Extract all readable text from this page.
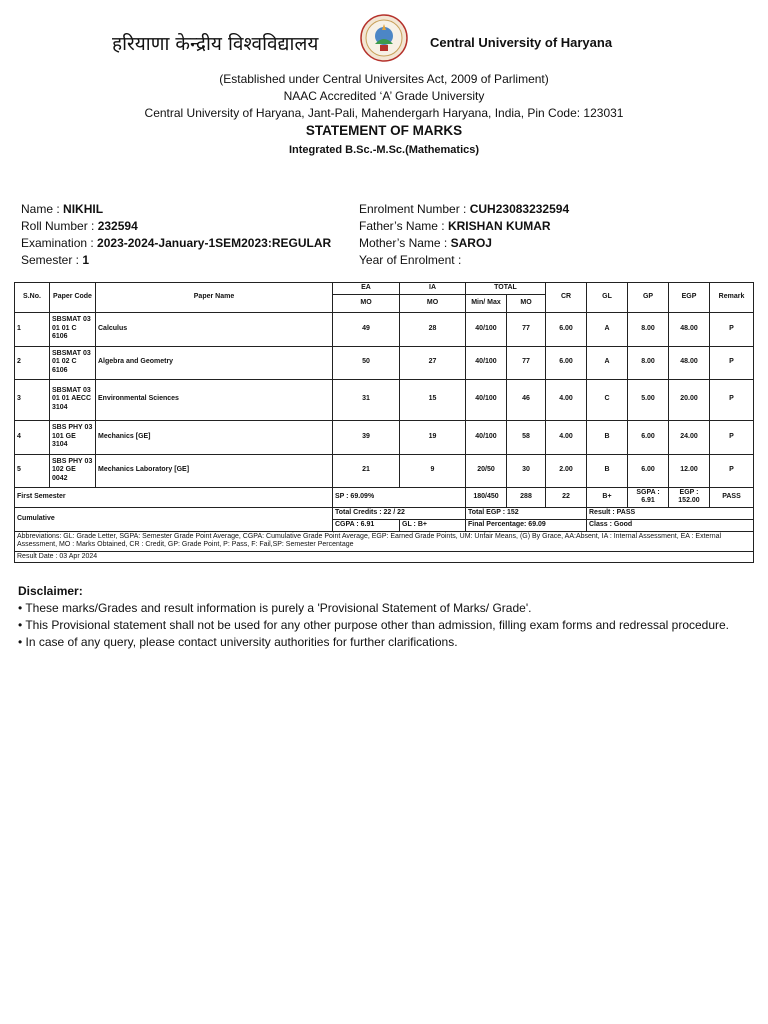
हरियाणा केन्द्रीय विश्वविद्यालय	Central University of Haryana
(Established under Central Universites Act, 2009 of Parliment)
NAAC Accredited ‘A’ Grade University
Central University of Haryana, Jant-Pali, Mahendergarh Haryana, India, Pin Code: 123031
STATEMENT OF MARKS
Integrated B.Sc.-M.Sc.(Mathematics)
Name : NIKHIL
Roll Number : 232594
Examination : 2023-2024-January-1SEM2023:REGULAR
Semester : 1
Enrolment Number : CUH23083232594
Father’s Name : KRISHAN KUMAR
Mother’s Name : SAROJ
Year of Enrolment :
S.No.	Paper Code	Paper Name	EA	IA	TOTAL		CR	GL	GP	EGP	Remark
			MO	MO	Min/ Max	MO					
1	SBSMAT 03 01 01 C 6106	Calculus	49	28	40/100	77	6.00	A	8.00	48.00	P
2	SBSMAT 03 01 02 C 6106	Algebra and Geometry	50	27	40/100	77	6.00	A	8.00	48.00	P
3	SBSMAT 03 01 01 AECC 3104	Environmental Sciences	31	15	40/100	46	4.00	C	5.00	20.00	P
4	SBS PHY 03 101 GE 3104	Mechanics [GE]	39	19	40/100	58	4.00	B	6.00	24.00	P
5	SBS PHY 03 102 GE 0042	Mechanics Laboratory [GE]	21	9	20/50	30	2.00	B	6.00	12.00	P
First Semester			SP : 69.09%		180/450	288	22	B+	SGPA : 6.91	EGP : 152.00	PASS
Cumulative			Total Credits : 22 / 22		Total EGP : 152			Result : PASS			
			CGPA : 6.91	GL : B+	Final Percentage: 69.09			Class : Good			
Abbreviations: GL: Grade Letter, SGPA: Semester Grade Point Average, CGPA: Cumulative Grade Point Average, EGP: Earned Grade Points, UM: Unfair Means, (G) By Grace, AA:Absent, IA : Internal Assessment, EA : External Assessment, MO : Marks Obtained, CR : Credit, GP: Grade Point, P: Pass, F: Fail,SP: Semester Percentage											
Result Date : 03 Apr 2024											
Disclaimer:
• These marks/Grades and result information is purely a 'Provisional Statement of Marks/ Grade'.
• This Provisional statement shall not be used for any other purpose other than admission, filling exam forms and redressal procedure.
• In case of any query, please contact university authorities for further clarifications.
